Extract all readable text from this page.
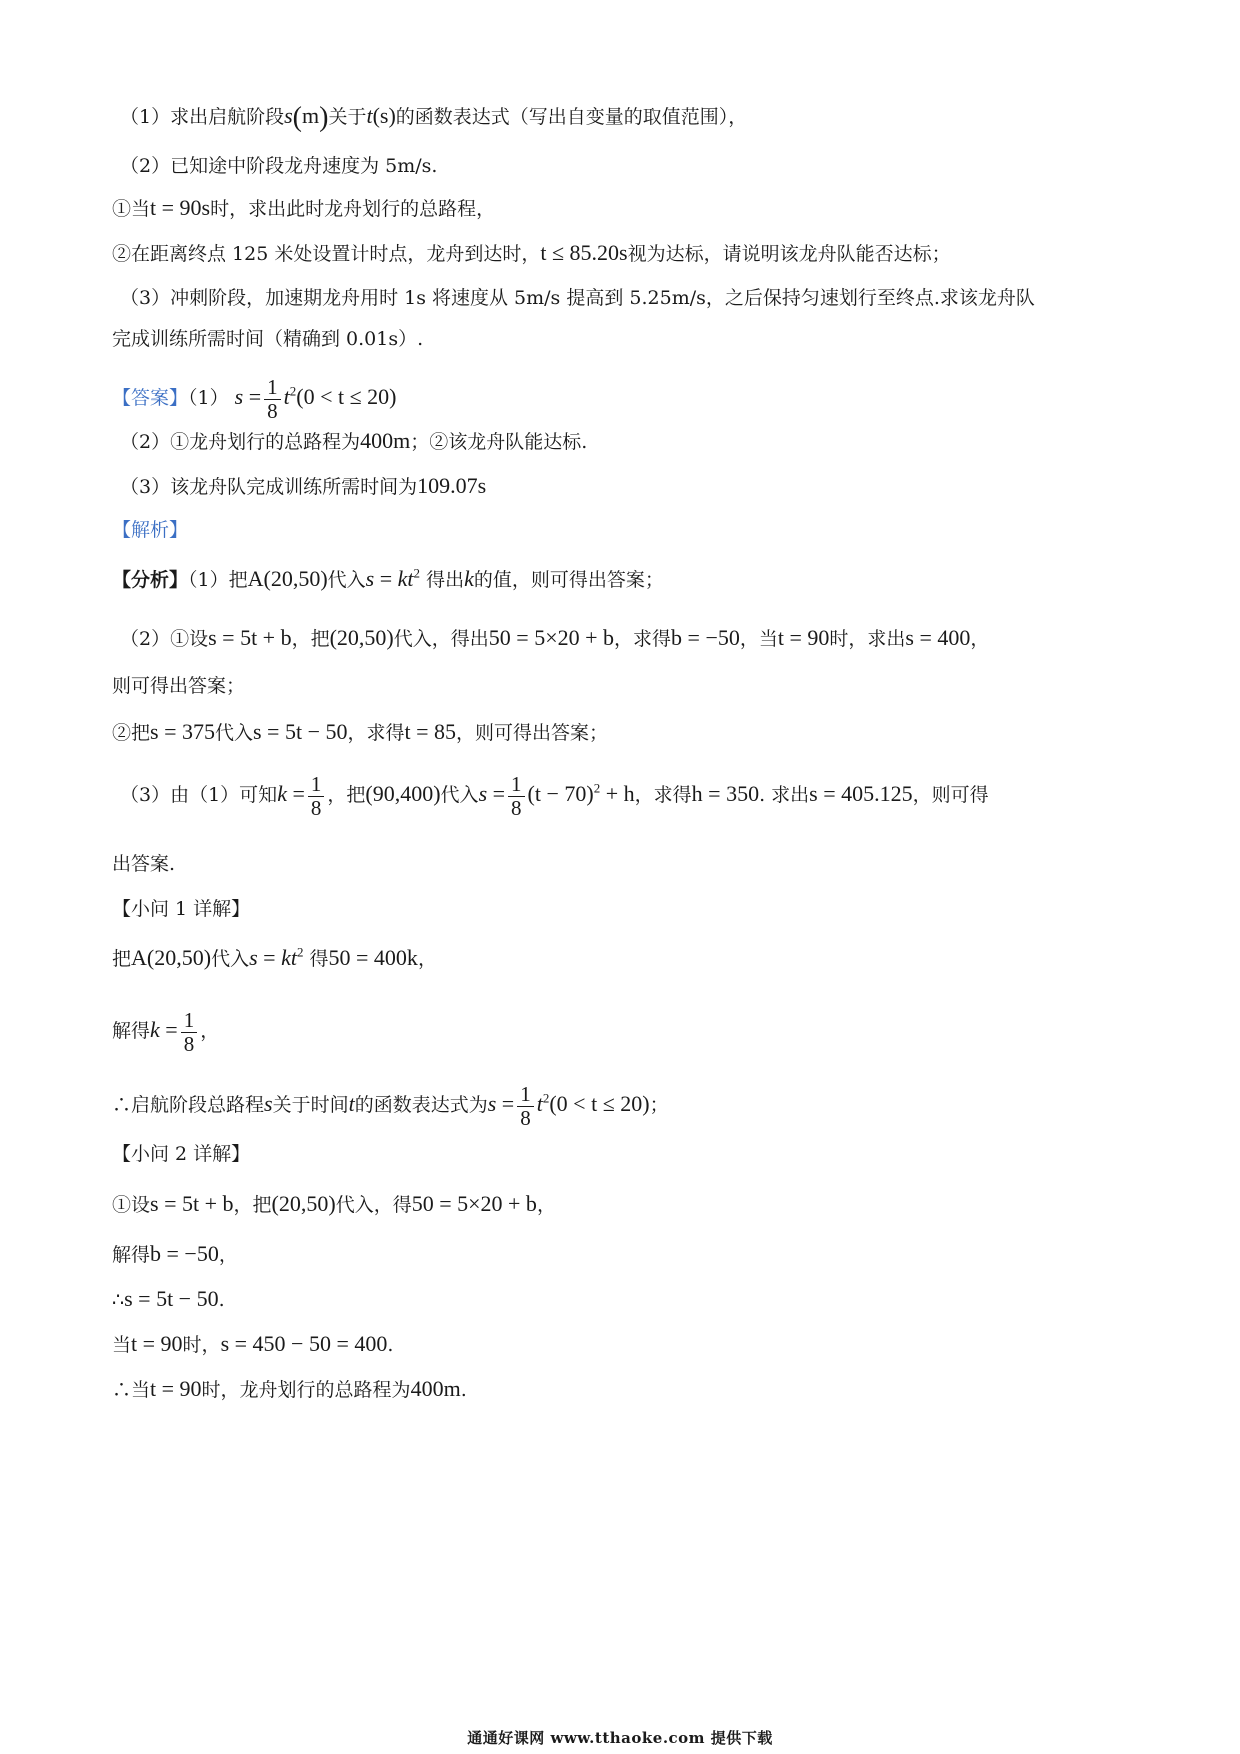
（1）求出启航阶段s(m)关于t(s)的函数表达式（写出自变量的取值范围），
（2）已知途中阶段龙舟速度为 5m/s.
①当t = 90s时，求出此时龙舟划行的总路程，
②在距离终点 125 米处设置计时点，龙舟到达时，t ≤ 85.20s视为达标，请说明该龙舟队能否达标；
（3）冲刺阶段，加速期龙舟用时 1s 将速度从 5m/s 提高到 5.25m/s，之后保持匀速划行至终点.求该龙舟队
完成训练所需时间（精确到 0.01s）.
【答案】（1） $s = \frac{1}{8} t^2(0 < t \le 20)$
（2）①龙舟划行的总路程为400m；②该龙舟队能达标.
（3）该龙舟队完成训练所需时间为109.07s
【解析】
【分析】（1）把A(20,50)代入$s = kt^2$ 得出k的值，则可得出答案；
（2）①设s = 5t + b，把(20,50)代入，得出50 = 5×20 + b，求得b = −50，当t = 90时，求出s = 400，
则可得出答案；
②把s = 375代入s = 5t − 50，求得t = 85，则可得出答案；
（3）由（1）可知$k = \frac{1}{8}$ ，把(90,400)代入$s = \frac{1}{8} (t - 70)^2 + h$，求得h = 350. 求出s = 405.125，则可得
出答案.
【小问 1 详解】
把A(20,50)代入$s = kt^2$ 得50 = 400k，
解得$k = \frac{1}{8}$ ，
∴启航阶段总路程s关于时间t的函数表达式为$s = \frac{1}{8} t^2(0 < t \le 20)$；
【小问 2 详解】
①设s = 5t + b，把(20,50)代入，得50 = 5×20 + b，
解得b = −50，
∴s = 5t − 50.
当t = 90时，s = 450 − 50 = 400.
∴当t = 90时，龙舟划行的总路程为400m.
通通好课网 www.tthaoke.com 提供下载
